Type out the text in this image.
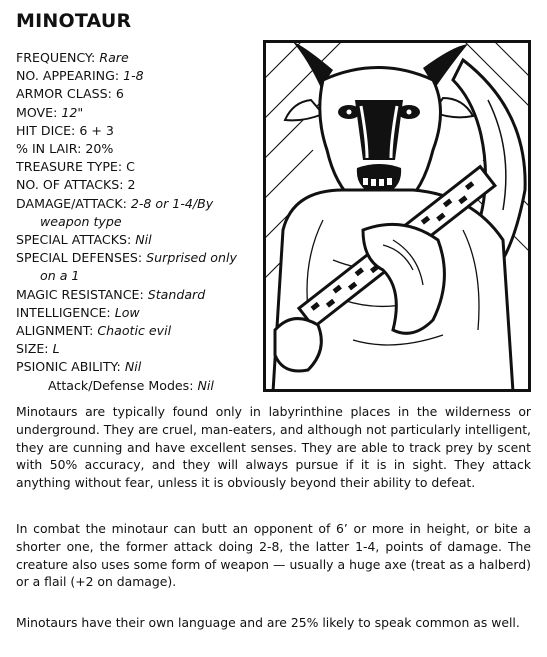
MINOTAUR
FREQUENCY: Rare
NO. APPEARING: 1-8
ARMOR CLASS: 6
MOVE: 12"
HIT DICE: 6 + 3
% IN LAIR: 20%
TREASURE TYPE: C
NO. OF ATTACKS: 2
DAMAGE/ATTACK: 2-8 or 1-4/By
weapon type
SPECIAL ATTACKS: Nil
SPECIAL DEFENSES: Surprised only
on a 1
MAGIC RESISTANCE: Standard
INTELLIGENCE: Low
ALIGNMENT: Chaotic evil
SIZE: L
PSIONIC ABILITY: Nil
Attack/Defense Modes: Nil

Minotaurs are typically found only in labyrinthine places in the wilderness or underground. They are cruel, man-eaters, and although not particularly intelligent, they are cunning and have excellent senses. They are able to track prey by scent with 50% accuracy, and they will always pursue if it is in sight. They attack anything without fear, unless it is obviously beyond their ability to defeat.

In combat the minotaur can butt an opponent of 6’ or more in height, or bite a shorter one, the former attack doing 2-8, the latter 1-4, points of damage. The creature also uses some form of weapon — usually a huge axe (treat as a halberd) or a flail (+2 on damage).

Minotaurs have their own language and are 25% likely to speak common as well.
